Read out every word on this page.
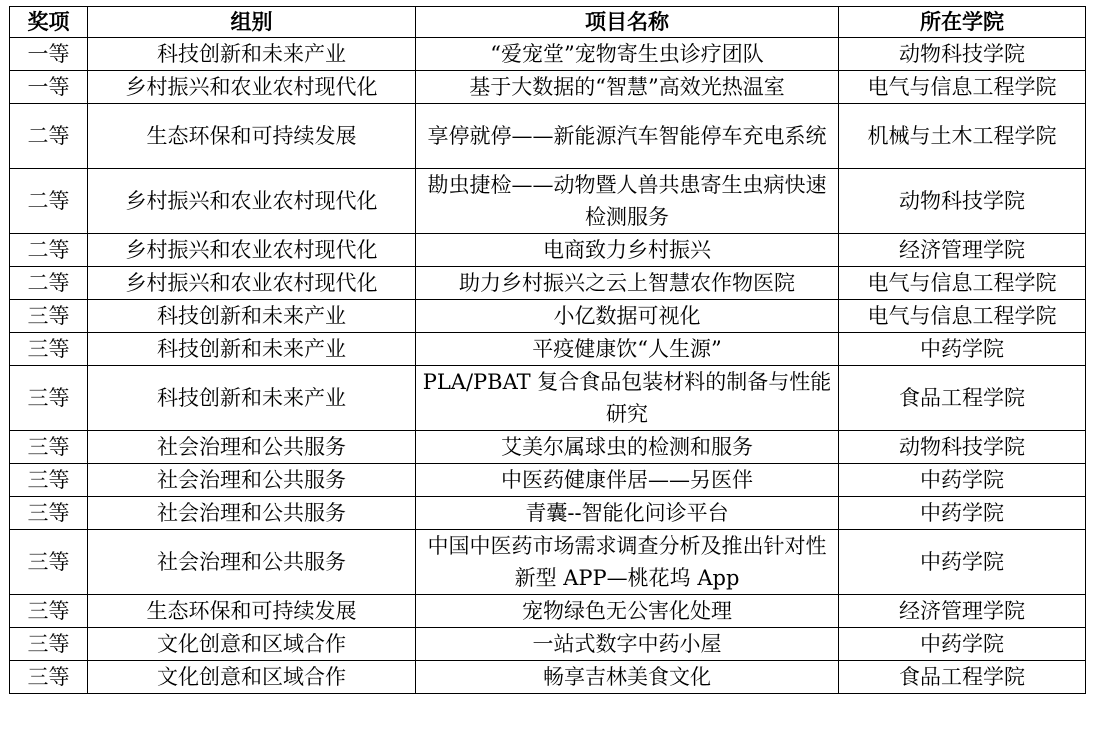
奖项	组别	项目名称	所在学院
一等	科技创新和未来产业	“爱宠堂”宠物寄生虫诊疗团队	动物科技学院
一等	乡村振兴和农业农村现代化	基于大数据的“智慧”高效光热温室	电气与信息工程学院
二等	生态环保和可持续发展	享停就停——新能源汽车智能停车充电系统	机械与土木工程学院
二等	乡村振兴和农业农村现代化	勘虫捷检——动物暨人兽共患寄生虫病快速检测服务	动物科技学院
二等	乡村振兴和农业农村现代化	电商致力乡村振兴	经济管理学院
二等	乡村振兴和农业农村现代化	助力乡村振兴之云上智慧农作物医院	电气与信息工程学院
三等	科技创新和未来产业	小亿数据可视化	电气与信息工程学院
三等	科技创新和未来产业	平疫健康饮“人生源”	中药学院
三等	科技创新和未来产业	PLA/PBAT 复合食品包装材料的制备与性能研究	食品工程学院
三等	社会治理和公共服务	艾美尔属球虫的检测和服务	动物科技学院
三等	社会治理和公共服务	中医药健康伴居——另医伴	中药学院
三等	社会治理和公共服务	青囊--智能化问诊平台	中药学院
三等	社会治理和公共服务	中国中医药市场需求调查分析及推出针对性新型 APP—桃花坞 App	中药学院
三等	生态环保和可持续发展	宠物绿色无公害化处理	经济管理学院
三等	文化创意和区域合作	一站式数字中药小屋	中药学院
三等	文化创意和区域合作	畅享吉林美食文化	食品工程学院
